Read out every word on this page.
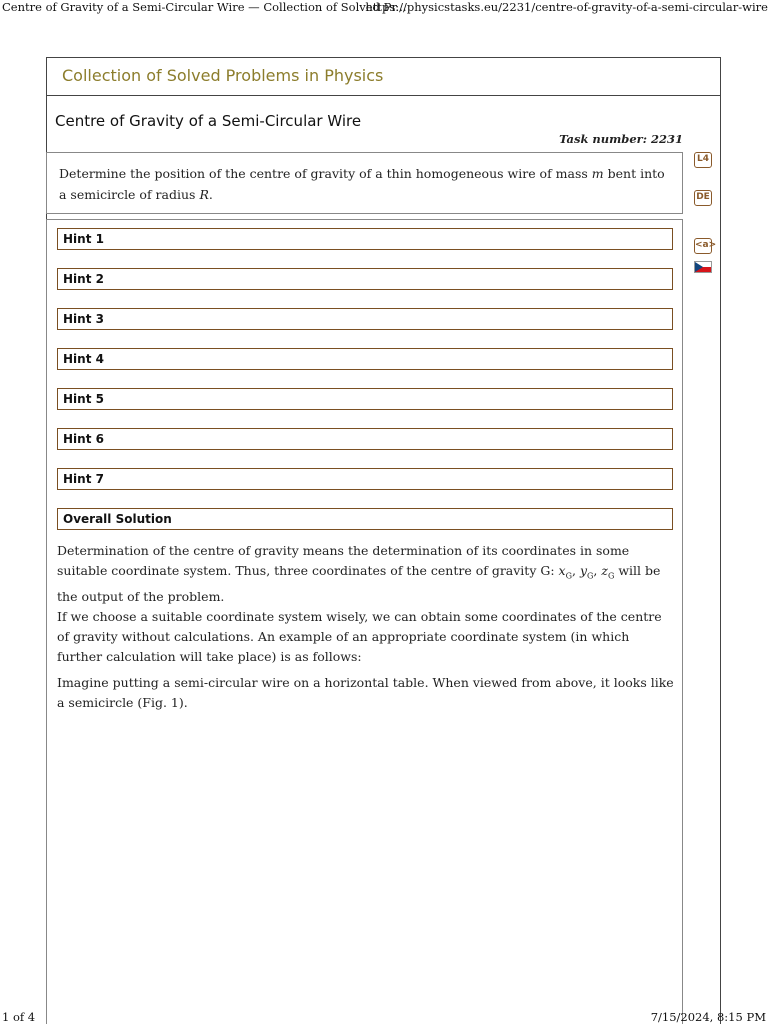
Centre of Gravity of a Semi-Circular Wire — Collection of Solved Pr...
https://physicstasks.eu/2231/centre-of-gravity-of-a-semi-circular-wire
Collection of Solved Problems in Physics
Centre of Gravity of a Semi-Circular Wire
Task number: 2231
Determine the position of the centre of gravity of a thin homogeneous wire of mass m bent into
a semicircle of radius R.
L4
DE
<a>
Hint 1
Hint 2
Hint 3
Hint 4
Hint 5
Hint 6
Hint 7
Overall Solution
Determination of the centre of gravity means the determination of its coordinates in some suitable coordinate system. Thus, three coordinates of the centre of gravity G: $x_G$, $y_G$, $z_G$ will be the output of the problem.
If we choose a suitable coordinate system wisely, we can obtain some coordinates of the centre of gravity without calculations. An example of an appropriate coordinate system (in which further calculation will take place) is as follows:
Imagine putting a semi-circular wire on a horizontal table. When viewed from above, it looks like a semicircle (Fig. 1).
1 of 4	7/15/2024, 8:15 PM
